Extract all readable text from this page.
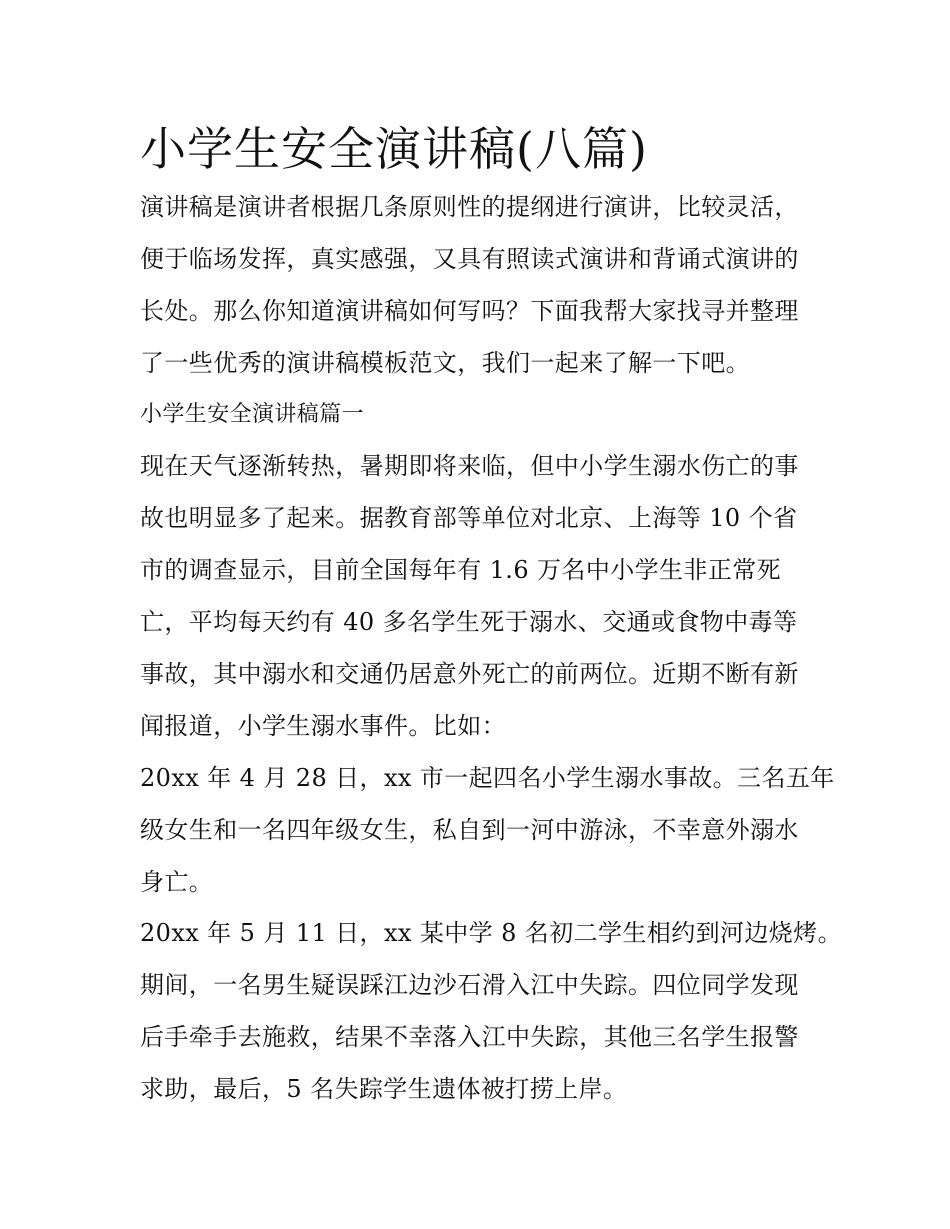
小学生安全演讲稿(八篇)
演讲稿是演讲者根据几条原则性的提纲进行演讲，比较灵活，
便于临场发挥，真实感强，又具有照读式演讲和背诵式演讲的
长处。那么你知道演讲稿如何写吗？下面我帮大家找寻并整理
了一些优秀的演讲稿模板范文，我们一起来了解一下吧。
小学生安全演讲稿篇一
现在天气逐渐转热，暑期即将来临，但中小学生溺水伤亡的事
故也明显多了起来。据教育部等单位对北京、上海等 10 个省
市的调查显示，目前全国每年有 1.6 万名中小学生非正常死
亡，平均每天约有 40 多名学生死于溺水、交通或食物中毒等
事故，其中溺水和交通仍居意外死亡的前两位。近期不断有新
闻报道，小学生溺水事件。比如：
20xx 年 4 月 28 日，xx 市一起四名小学生溺水事故。三名五年
级女生和一名四年级女生，私自到一河中游泳，不幸意外溺水
身亡。
20xx 年 5 月 11 日，xx 某中学 8 名初二学生相约到河边烧烤。
期间，一名男生疑误踩江边沙石滑入江中失踪。四位同学发现
后手牵手去施救，结果不幸落入江中失踪，其他三名学生报警
求助，最后，5 名失踪学生遗体被打捞上岸。
